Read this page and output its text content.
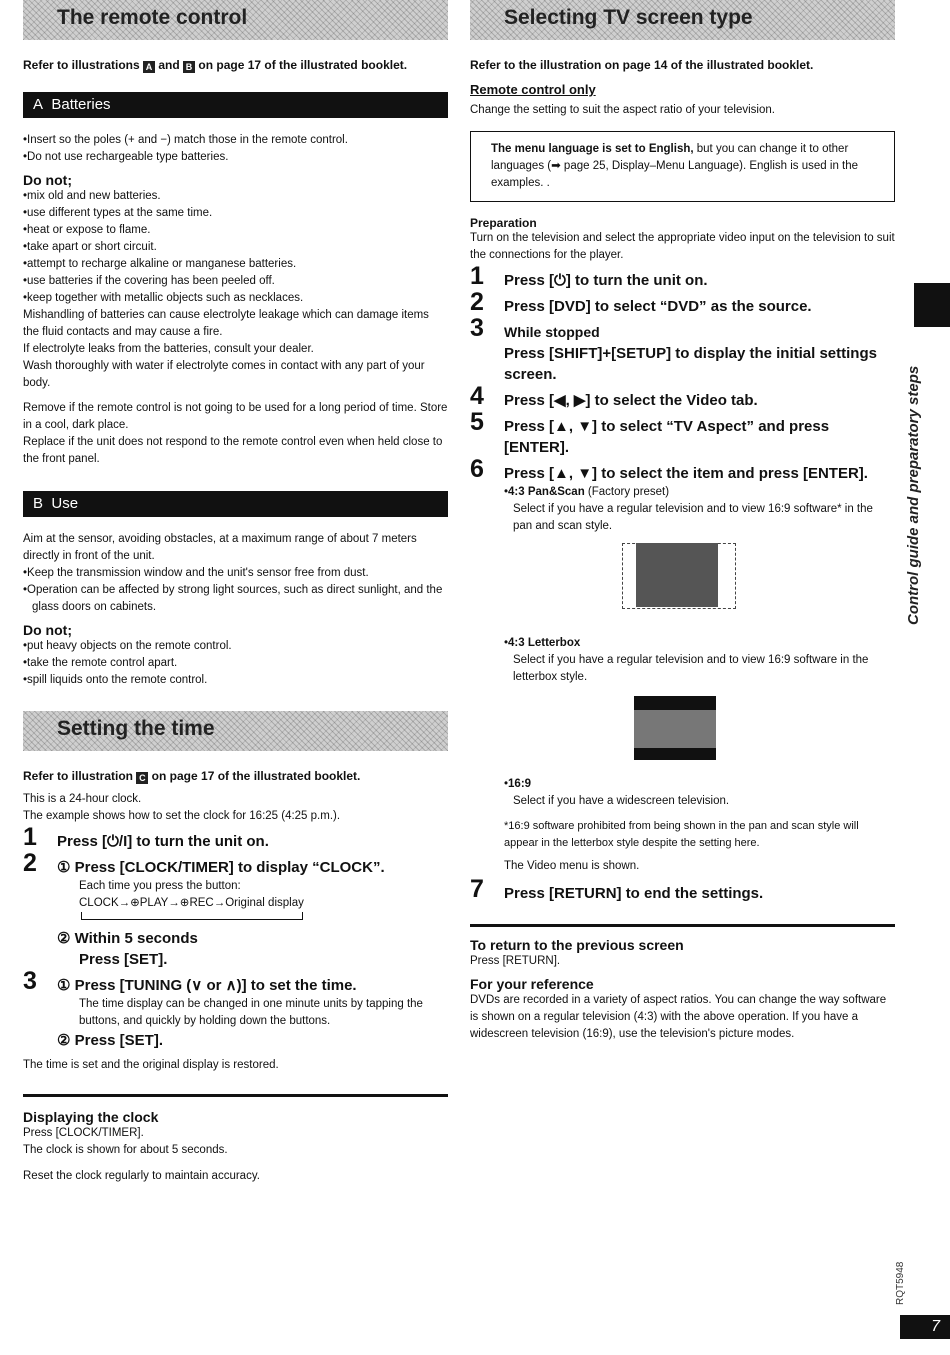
The remote control

Refer to illustrations A and B on page 17 of the illustrated booklet.

A Batteries
• Insert so the poles (+ and −) match those in the remote control.
• Do not use rechargeable type batteries.
Do not;
• mix old and new batteries.
• use different types at the same time.
• heat or expose to flame.
• take apart or short circuit.
• attempt to recharge alkaline or manganese batteries.
• use batteries if the covering has been peeled off.
• keep together with metallic objects such as necklaces.

Mishandling of batteries can cause electrolyte leakage which can damage items the fluid contacts and may cause a fire.

If electrolyte leaks from the batteries, consult your dealer.

Wash thoroughly with water if electrolyte comes in contact with any part of your body.

Remove if the remote control is not going to be used for a long period of time. Store in a cool, dark place.

Replace if the unit does not respond to the remote control even when held close to the front panel.

B Use

Aim at the sensor, avoiding obstacles, at a maximum range of about 7 meters directly in front of the unit.

• Keep the transmission window and the unit's sensor free from dust.
• Operation can be affected by strong light sources, such as direct sunlight, and the glass doors on cabinets.
Do not;
• put heavy objects on the remote control.
• take the remote control apart.
• spill liquids onto the remote control.
Setting the time

Refer to illustration C on page 17 of the illustrated booklet.

This is a 24-hour clock.

The example shows how to set the clock for 16:25 (4:25 p.m.).

1 Press [⏻/I] to turn the unit on.
2 ① Press [CLOCK/TIMER] to display “CLOCK”.
Each time you press the button:
CLOCK→⊕PLAY→⊕REC→Original display
② Within 5 seconds
Press [SET].
3 ① Press [TUNING (∨ or ∧)] to set the time.
The time display can be changed in one minute units by tapping the buttons, and quickly by holding down the buttons.
② Press [SET].

The time is set and the original display is restored.

Displaying the clock

Press [CLOCK/TIMER].

The clock is shown for about 5 seconds.

Reset the clock regularly to maintain accuracy.

Selecting TV screen type

Refer to the illustration on page 14 of the illustrated booklet.

Remote control only

Change the setting to suit the aspect ratio of your television.

The menu language is set to English, but you can change it to other languages (➡ page 25, Display–Menu Language). English is used in the examples. .
Preparation

Turn on the television and select the appropriate video input on the television to suit the connections for the player.

1 Press [⏻] to turn the unit on.
2 Press [DVD] to select “DVD” as the source.
3 While stopped
Press [SHIFT]+[SETUP] to display the initial settings screen.
4 Press [◀, ▶] to select the Video tab.
5 Press [▲, ▼] to select “TV Aspect” and press [ENTER].
6 Press [▲, ▼] to select the item and press [ENTER].
•4:3 Pan&Scan (Factory preset)
Select if you have a regular television and to view 16:9 software* in the pan and scan style.
•4:3 Letterbox
Select if you have a regular television and to view 16:9 software in the letterbox style.
•16:9
Select if you have a widescreen television.
*16:9 software prohibited from being shown in the pan and scan style will appear in the letterbox style despite the setting here.
The Video menu is shown.
7 Press [RETURN] to end the settings.
To return to the previous screen

Press [RETURN].

For your reference

DVDs are recorded in a variety of aspect ratios. You can change the way software is shown on a regular television (4:3) with the above operation. If you have a widescreen television (16:9), use the television's picture modes.

Control guide and preparatory steps
RQT5948
7
